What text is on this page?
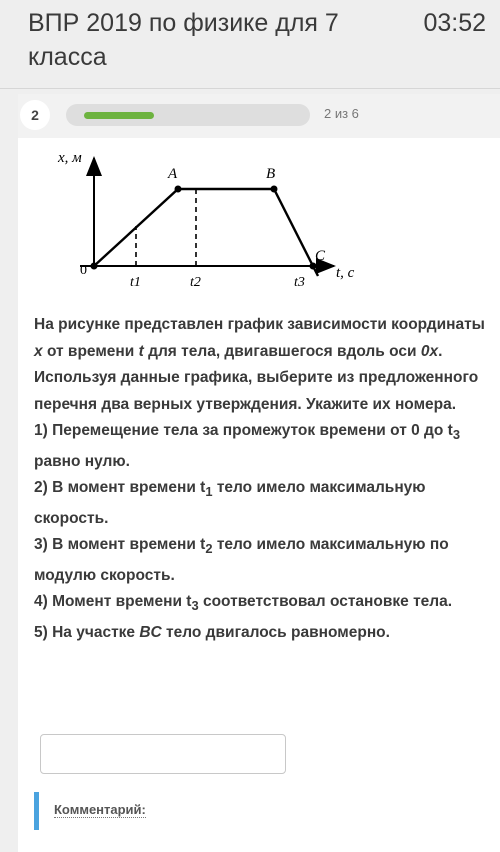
ВПР 2019 по физике для 7 класса
03:52
2	2 из 6
x, м
t, с
0
A	B
C
t1	t2	t3

На рисунке представлен график зависимости координаты x от времени t для тела, двигавшегося вдоль оси 0x.

Используя данные графика, выберите из предложенного перечня два верных утверждения. Укажите их номера.

1) Перемещение тела за промежуток времени от 0 до $t_3$ равно нулю.

2) В момент времени $t_1$ тело имело максимальную скорость.

3) В момент времени $t_2$ тело имело максимальную по модулю скорость.

4) Момент времени $t_3$ соответствовал остановке тела.

5) На участке BC тело двигалось равномерно.

Комментарий:
